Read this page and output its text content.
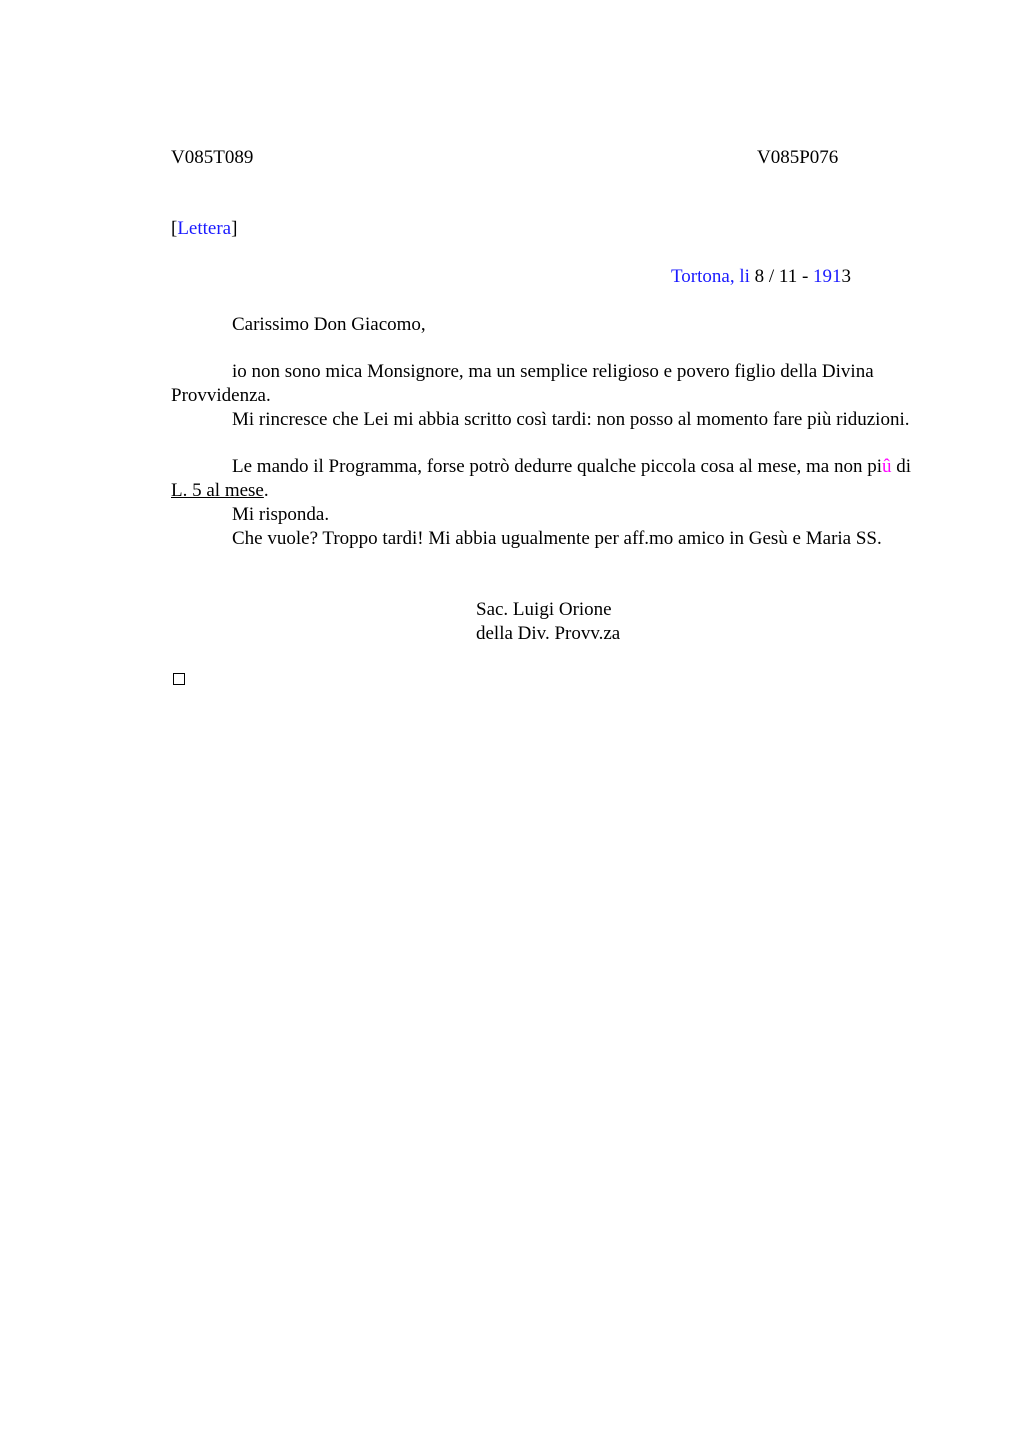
V085T089	V085P076
[Lettera]
Tortona, li 8 / 11 - 1913
Carissimo Don Giacomo,
io non sono mica Monsignore, ma un semplice religioso e povero figlio della Divina Provvidenza.
Mi rincresce che Lei mi abbia scritto così tardi: non posso al momento fare più riduzioni.
Le mando il Programma, forse potrò dedurre qualche piccola cosa al mese, ma non piû di L. 5 al mese.
Mi risponda.
Che vuole? Troppo tardi! Mi abbia ugualmente per aff.mo amico in Gesù e Maria SS.
Sac. Luigi Orione
della Div. Provv.za
